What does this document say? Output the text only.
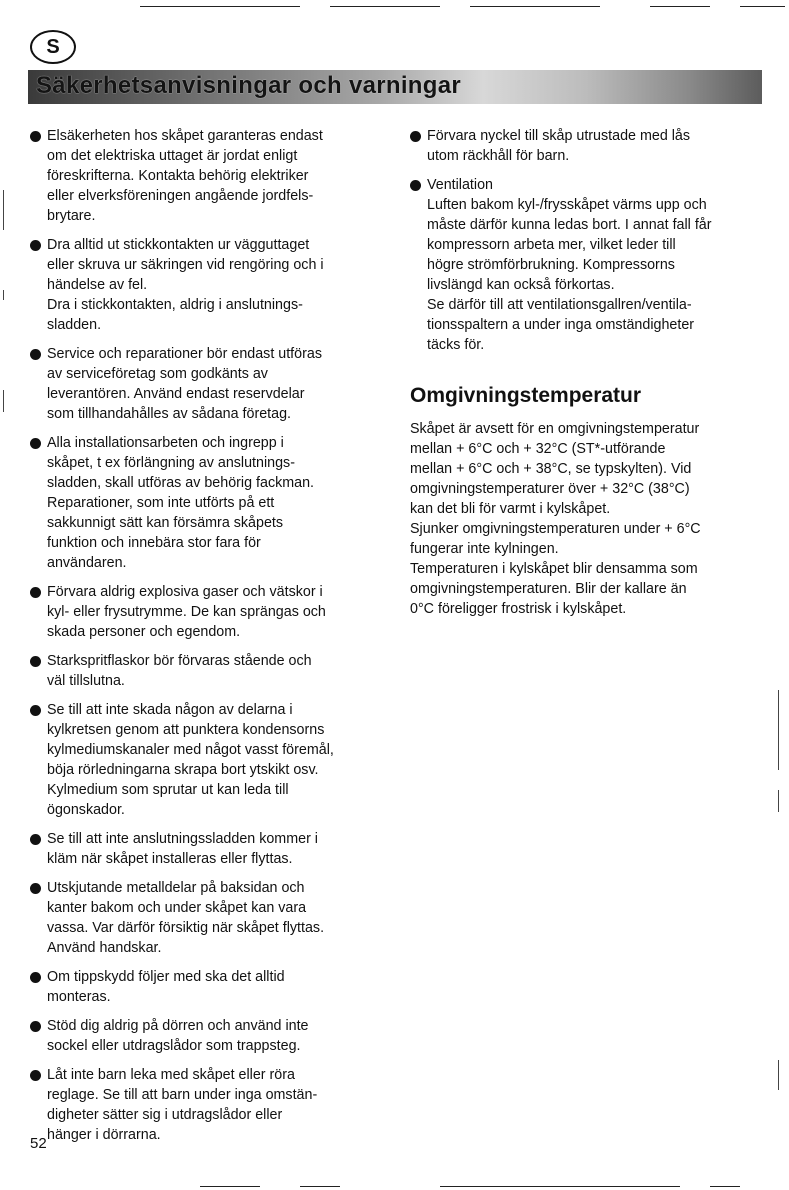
S
Säkerhetsanvisningar och varningar
Elsäkerheten hos skåpet garanteras endast
om det elektriska uttaget är jordat enligt
föreskrifterna. Kontakta behörig elektriker
eller elverksföreningen angående jordfels-
brytare.
Dra alltid ut stickkontakten ur vägguttaget
eller skruva ur säkringen vid rengöring och i
händelse av fel.
Dra i stickkontakten, aldrig i anslutnings-
sladden.
Service och reparationer bör endast utföras
av serviceföretag som godkänts av
leverantören. Använd endast reservdelar
som tillhandahålles av sådana företag.
Alla installationsarbeten och ingrepp i
skåpet, t ex förlängning av anslutnings-
sladden, skall utföras av behörig fackman.
Reparationer, som inte utförts på ett
sakkunnigt sätt kan försämra skåpets
funktion och innebära stor fara för
användaren.
Förvara aldrig explosiva gaser och vätskor i
kyl- eller frysutrymme. De kan sprängas och
skada personer och egendom.
Starkspritflaskor bör förvaras stående och
väl tillslutna.
Se till att inte skada någon av delarna i
kylkretsen genom att punktera kondensorns
kylmediumskanaler med något vasst föremål,
böja rörledningarna skrapa bort ytskikt osv.
Kylmedium som sprutar ut kan leda till
ögonskador.
Se till att inte anslutningssladden kommer i
kläm när skåpet installeras eller flyttas.
Utskjutande metalldelar på baksidan och
kanter bakom och under skåpet kan vara
vassa. Var därför försiktig när skåpet flyttas.
Använd handskar.
Om tippskydd följer med ska det alltid
monteras.
Stöd dig aldrig på dörren och använd inte
sockel eller utdragslådor som trappsteg.
Låt inte barn leka med skåpet eller röra
reglage. Se till att barn under inga omstän-
digheter sätter sig i utdragslådor eller
hänger i dörrarna.
Förvara nyckel till skåp utrustade med lås
utom räckhåll för barn.
Ventilation
Luften bakom kyl-/frysskåpet värms upp och
måste därför kunna ledas bort. I annat fall får
kompressorn arbeta mer, vilket leder till
högre strömförbrukning. Kompressorns
livslängd kan också förkortas.
Se därför till att ventilationsgallren/ventila-
tionsspaltern a under inga omständigheter
täcks för.
Omgivningstemperatur
Skåpet är avsett för en omgivningstemperatur
mellan + 6°C och + 32°C (ST*-utförande
mellan + 6°C och + 38°C, se typskylten). Vid
omgivningstemperaturer över + 32°C (38°C)
kan det bli för varmt i kylskåpet.
Sjunker omgivningstemperaturen under + 6°C
fungerar inte kylningen.
Temperaturen i kylskåpet blir densamma som
omgivningstemperaturen. Blir der kallare än
0°C föreligger frostrisk i kylskåpet.
52
